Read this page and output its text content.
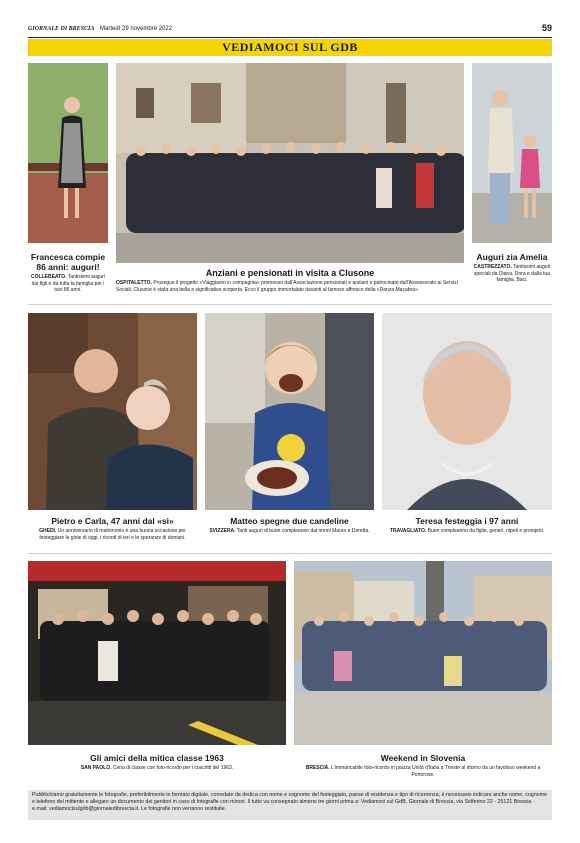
GIORNALE DI BRESCIA Martedì 29 novembre 2022	59
VEDIAMOCI SUL GDB
Francesca compie 86 anni: auguri!
COLLEBEATO. Tantissimi auguri dai figli e da tutta la famiglia per i tuoi 86 anni.
Anziani e pensionati in visita a Clusone
OSPITALETTO. Prosegue il progetto «Viaggiamo in compagnia» promosso dall'Associazione pensionati e anziani e patrocinato dall'Assessorato ai Servizi Sociali. Clusone è stata una bella e significativa scoperta. Ecco il gruppo immortalato davanti al famoso affresco della «Danza Macabra».
Auguri zia Amelia
CASTREZZATO. Tantissimi auguri speciali da Diana, Dora e dalla tua famiglia. Baci.
Pietro e Carla, 47 anni dal «sì»
GHEDI. Un anniversario di matrimonio è una buona occasione per festeggiare le gioie di oggi, i ricordi di ieri e le speranze di domani.
Matteo spegne due candeline
SVIZZERA. Tanti auguri di buon compleanno dai nonni Mauro e Doretta.
Teresa festeggia i 97 anni
TRAVAGLIATO. Buon compleanno da figlie, generi, nipoti e pronipoti.
Gli amici della mitica classe 1963
SAN PAOLO. Cena di classe con foto-ricordo per i coscritti del 1963.
Weekend in Slovenia
BRESCIA. L'immancabile foto-ricordo in piazza Unità d'Italia a Trieste al ritorno da un favoloso weekend a Portorose.
Pubblichiamo gratuitamente le fotografie, preferibilmente in formato digitale, corredate da dedica con nome e cognome del festeggiato, paese di residenza e tipo di ricorrenza; è necessario indicare anche nome, cognome e telefono del mittente e allegare un documento dei genitori in caso di fotografie con minori. Il tutto va consegnato almeno tre giorni prima a: Vediamoci sul GdB, Giornale di Brescia, via Solferino 22 - 25121 Brescia - e.mail: vediamocisulgdb@giornaledibrescia.it. Le fotografie non verranno restituite.
